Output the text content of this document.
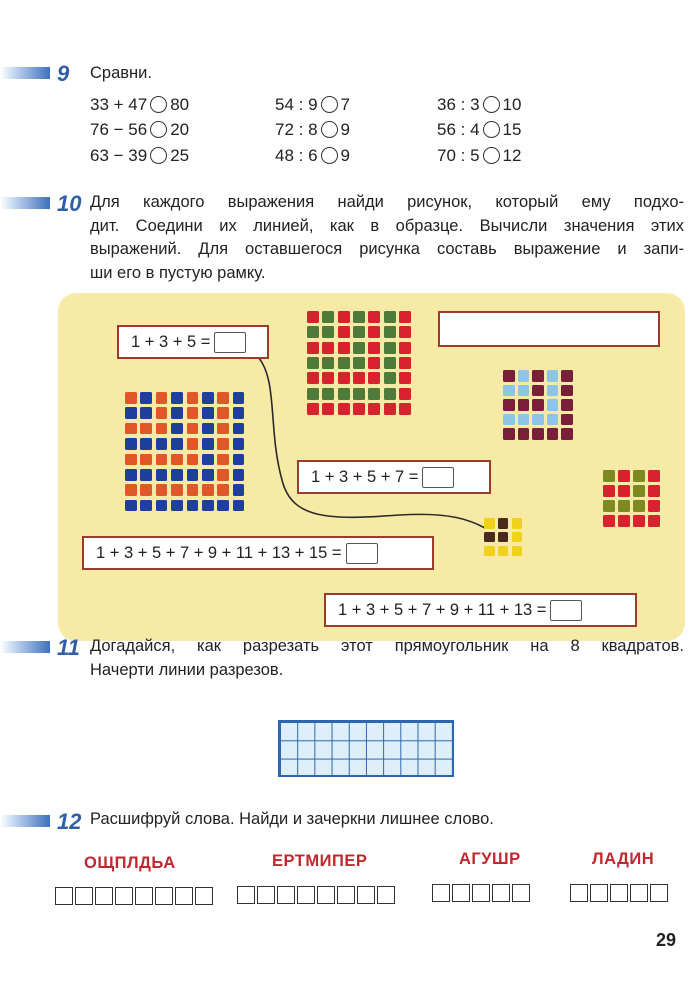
9 Сравни.
33 + 47 80	54 : 9 7	36 : 3 10
76 − 56 20	72 : 8 9	56 : 4 15
63 − 39 25	48 : 6 9	70 : 5 12
10 Для каждого выражения найди рисунок, который ему подхо-
дит. Соедини их линией, как в образце. Вычисли значения этих
выражений. Для оставшегося рисунка составь выражение и запи-
ши его в пустую рамку.
1 + 3 + 5 =
1 + 3 + 5 + 7 =
1 + 3 + 5 + 7 + 9 + 11 + 13 + 15 =
1 + 3 + 5 + 7 + 9 + 11 + 13 =
11 Догадайся, как разрезать этот прямоугольник на 8 квадратов.
Начерти линии разрезов.
12 Расшифруй слова. Найди и зачеркни лишнее слово.
ОЩПЛДЬА	ЕРТМИПЕР	АГУШР	ЛАДИН
29
